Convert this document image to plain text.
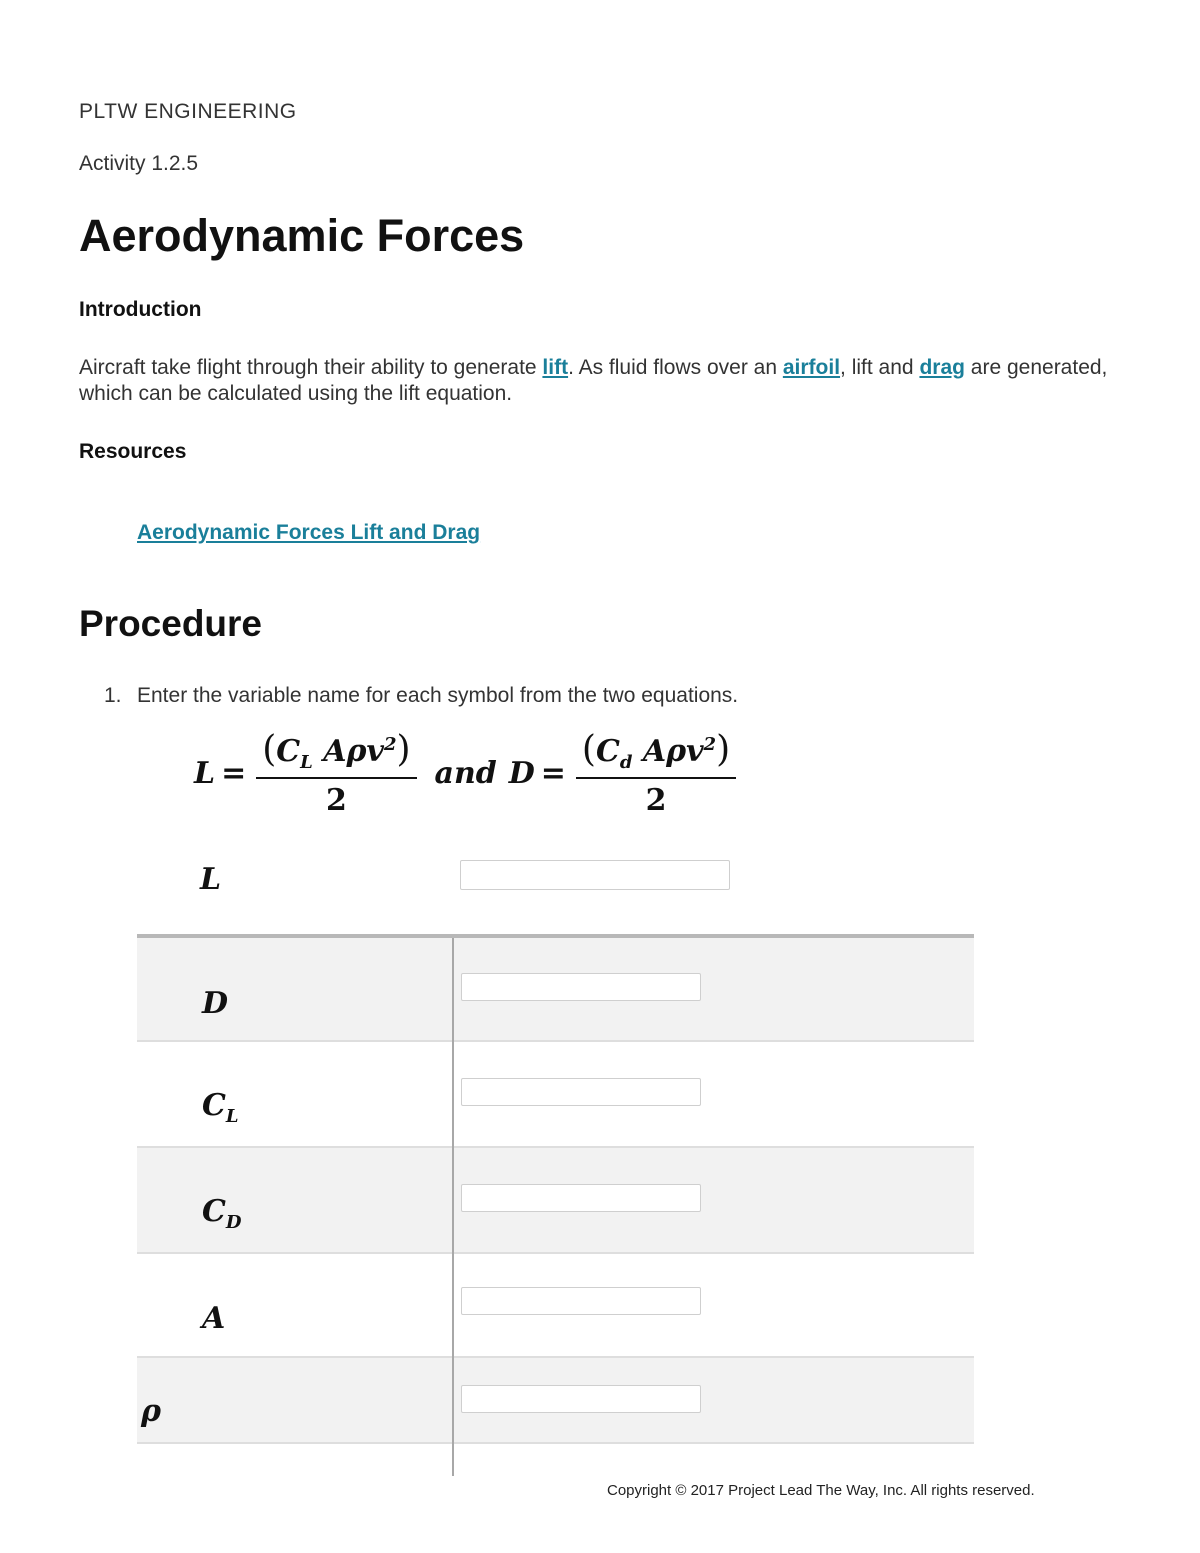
PLTW ENGINEERING
Activity 1.2.5
Aerodynamic Forces
Introduction
Aircraft take flight through their ability to generate lift. As fluid flows over an airfoil, lift and drag are generated, which can be calculated using the lift equation.
Resources
Aerodynamic Forces Lift and Drag
Procedure
1. Enter the variable name for each symbol from the two equations.
$L = \frac{(C_L A\rho v^2)}{2}$ and $D = \frac{(C_d A\rho v^2)}{2}$
L
D
$C_L$
$C_D$
A
ρ
Copyright © 2017 Project Lead The Way, Inc. All rights reserved.
